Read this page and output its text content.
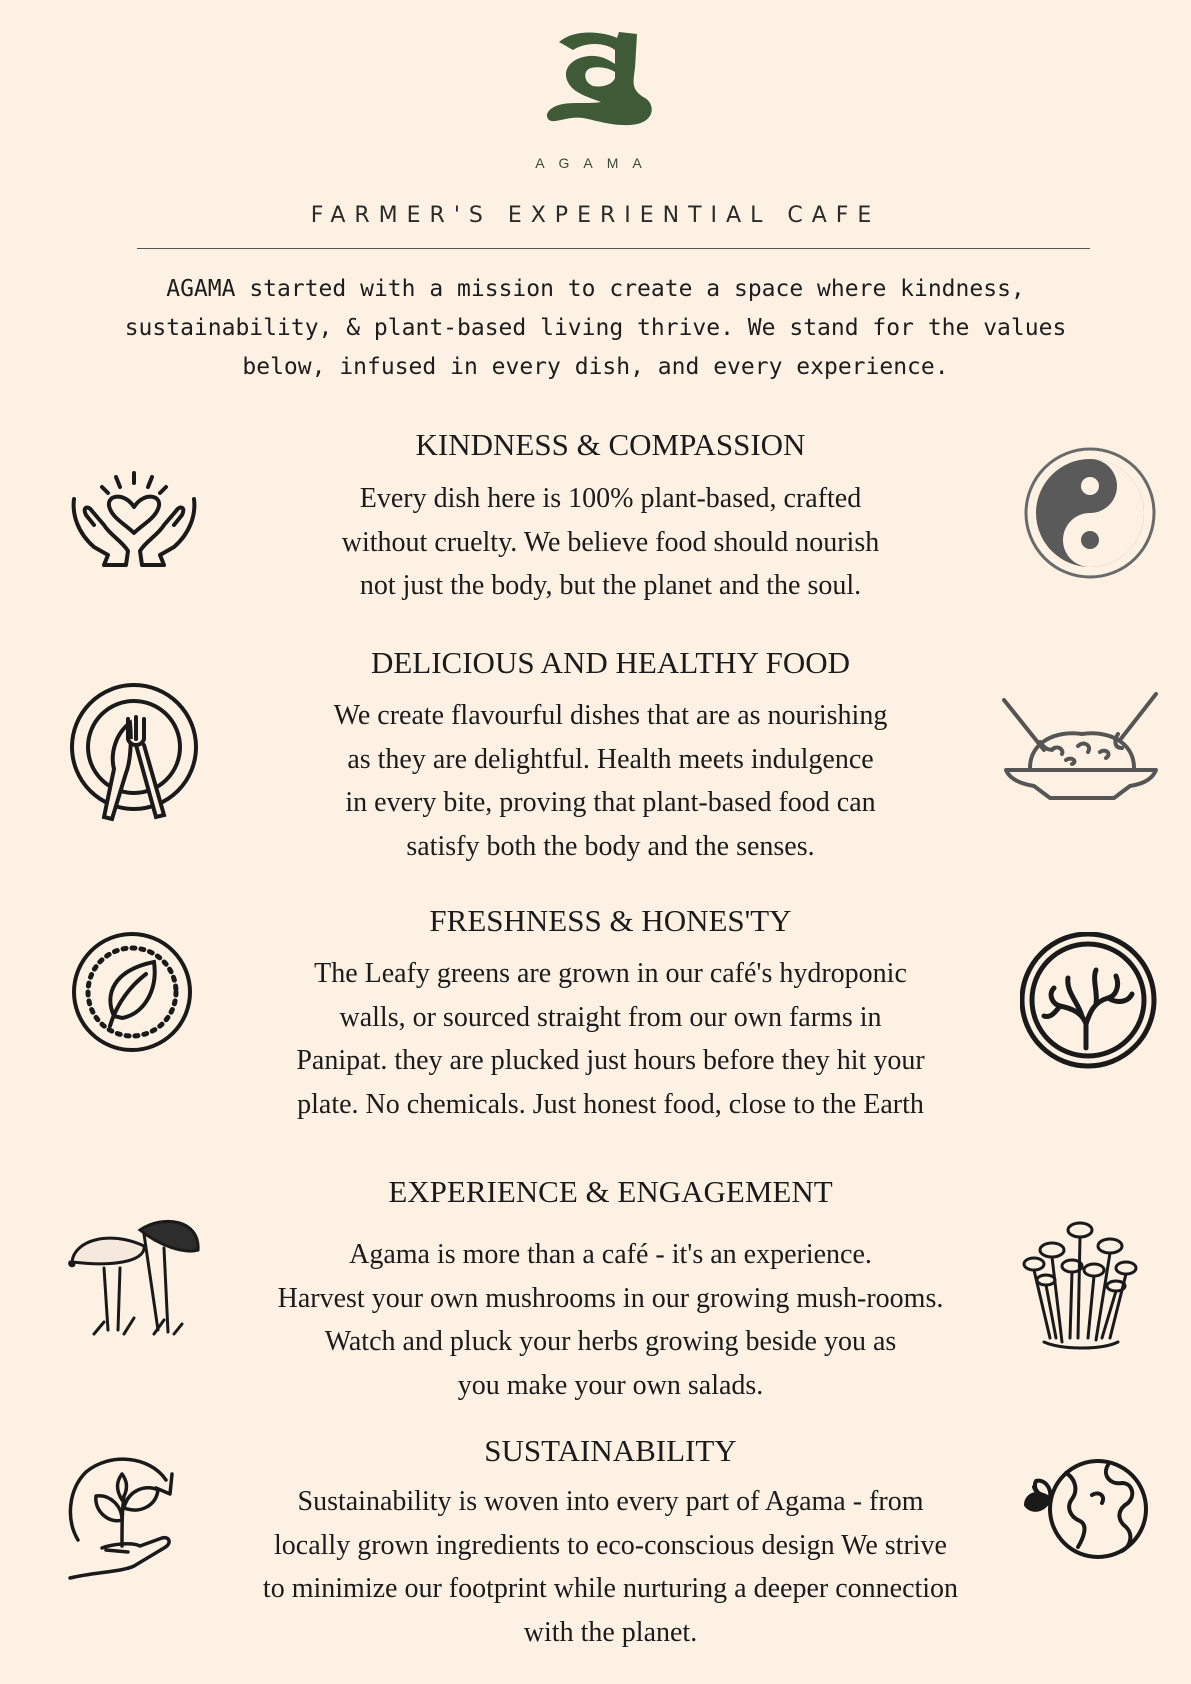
AGAMA
FARMER'S EXPERIENTIAL CAFE
AGAMA started with a mission to create a space where kindness,
sustainability, & plant-based living thrive. We stand for the values
below, infused in every dish, and every experience.
KINDNESS & COMPASSION
Every dish here is 100% plant-based, crafted
without cruelty. We believe food should nourish
not just the body, but the planet and the soul.
DELICIOUS AND HEALTHY FOOD
We create flavourful dishes that are as nourishing
as they are delightful. Health meets indulgence
in every bite, proving that plant-based food can
satisfy both the body and the senses.
FRESHNESS & HONES'TY
The Leafy greens are grown in our café's hydroponic
walls, or sourced straight from our own farms in
Panipat. they are plucked just hours before they hit your
plate. No chemicals. Just honest food, close to the Earth
EXPERIENCE & ENGAGEMENT
Agama is more than a café - it's an experience.
Harvest your own mushrooms in our growing mush-rooms.
Watch and pluck your herbs growing beside you as
you make your own salads.
SUSTAINABILITY
Sustainability is woven into every part of Agama - from
locally grown ingredients to eco-conscious design We strive
to minimize our footprint while nurturing a deeper connection
with the planet.
